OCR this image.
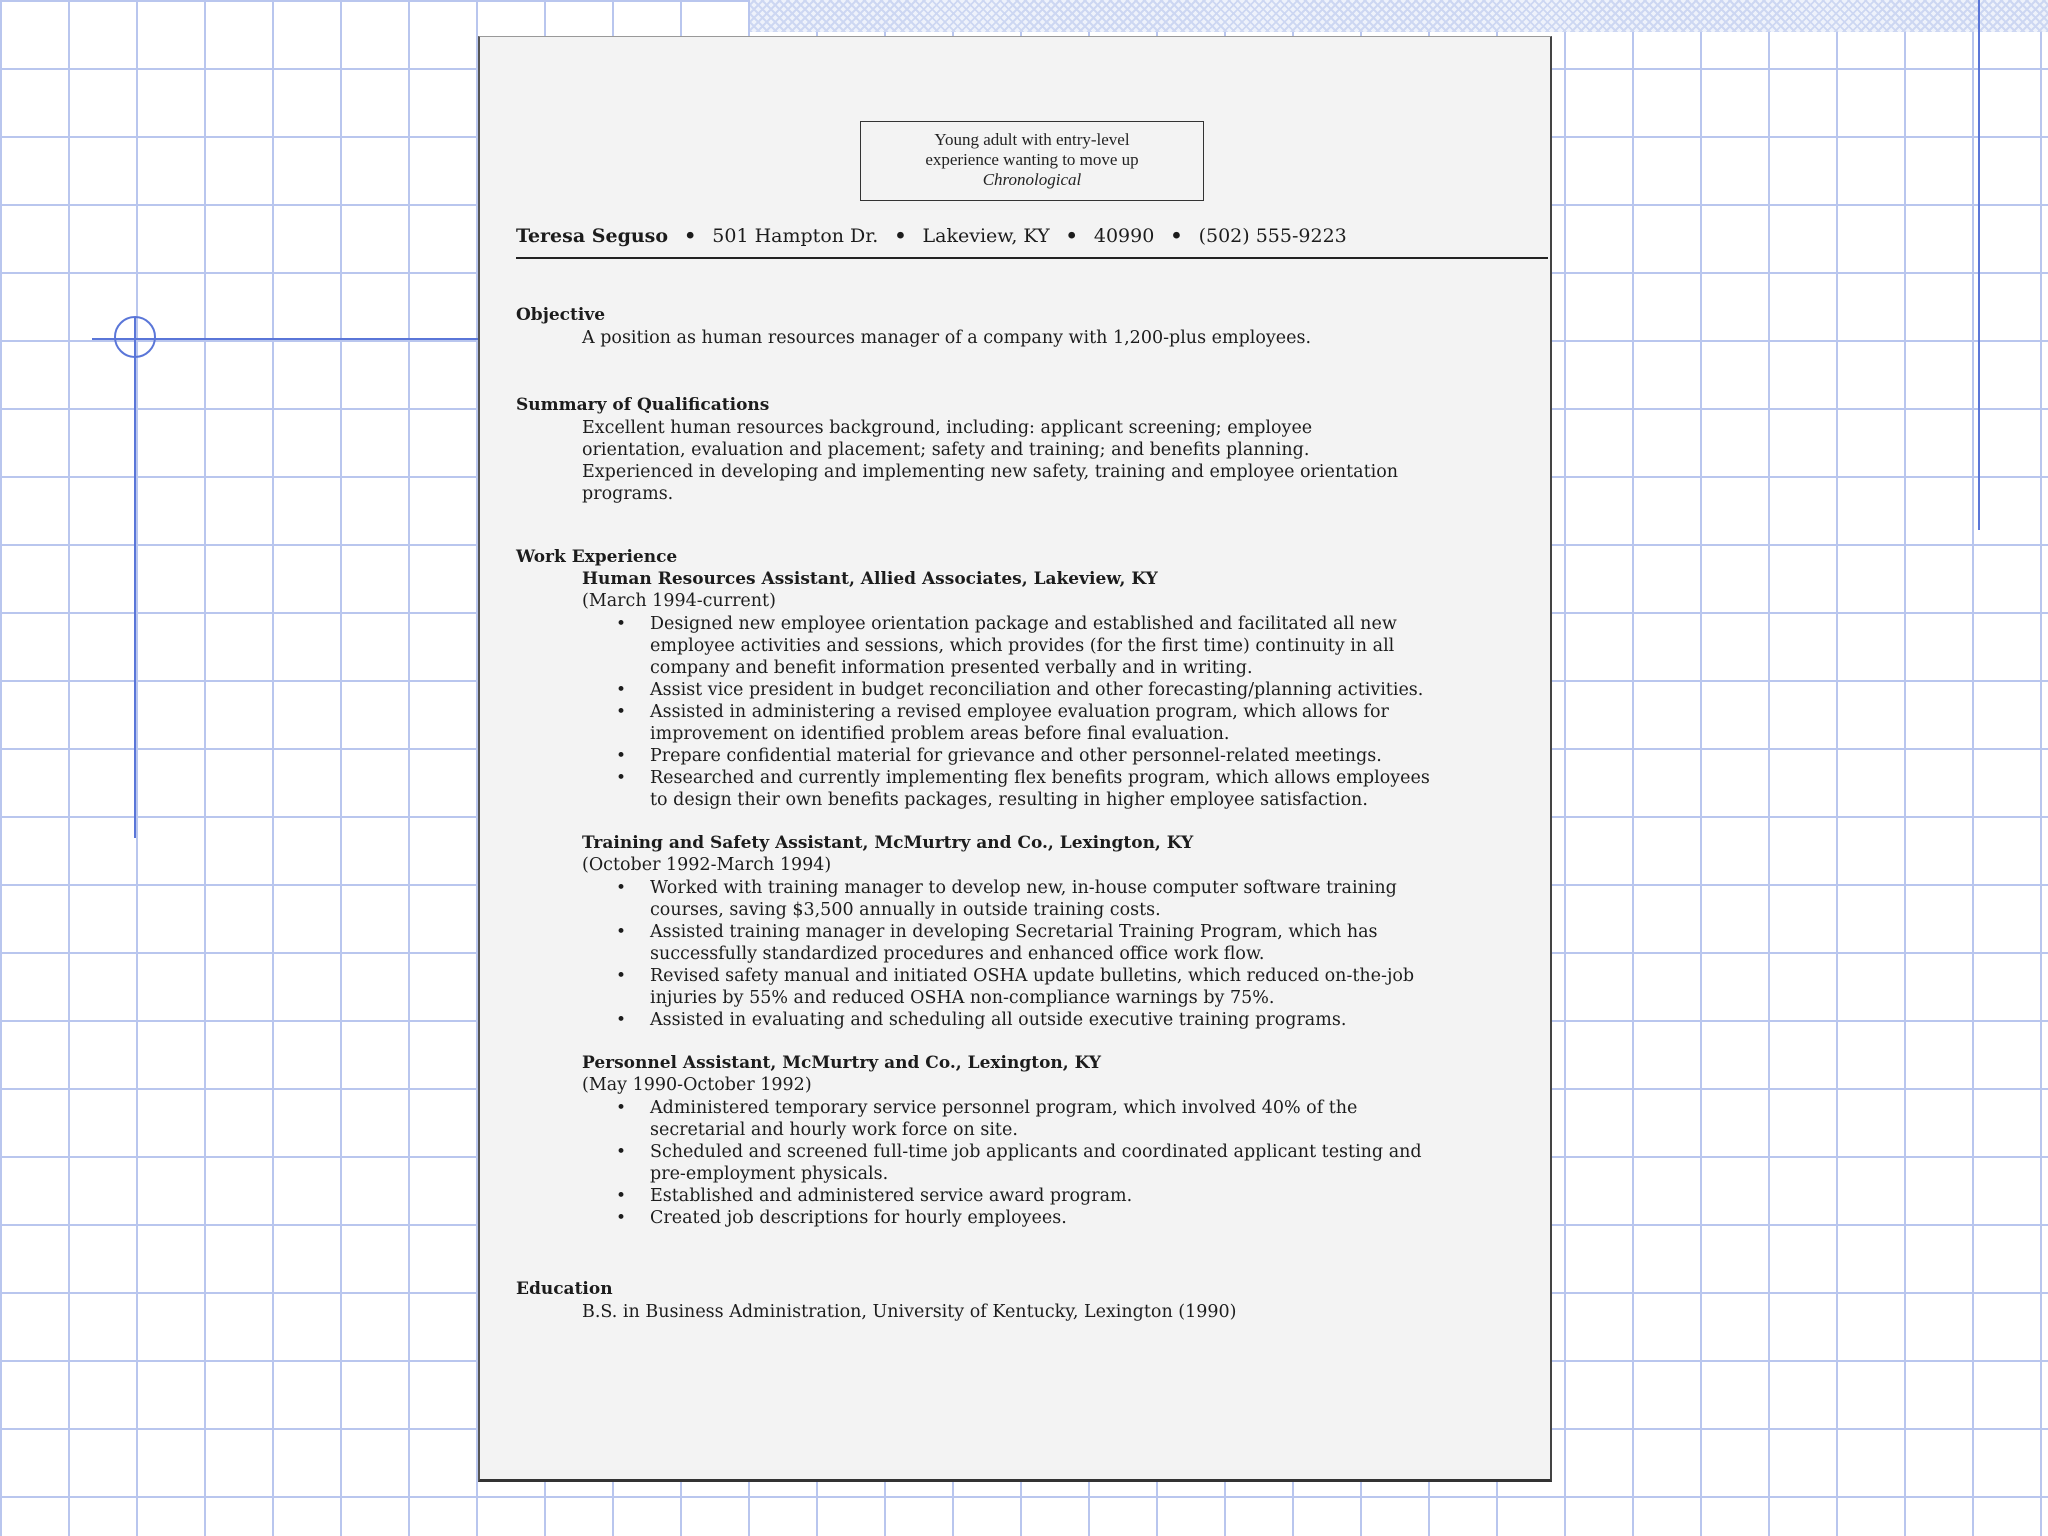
Young adult with entry-level
experience wanting to move up
Chronological
Teresa Seguso • 501 Hampton Dr. • Lakeview, KY • 40990 • (502) 555-9223
Objective
A position as human resources manager of a company with 1,200-plus employees.
Summary of Qualifications
Excellent human resources background, including: applicant screening; employee
orientation, evaluation and placement; safety and training; and benefits planning.
Experienced in developing and implementing new safety, training and employee orientation
programs.
Work Experience
Human Resources Assistant, Allied Associates, Lakeview, KY
(March 1994-current)
• Designed new employee orientation package and established and facilitated all new
employee activities and sessions, which provides (for the first time) continuity in all
company and benefit information presented verbally and in writing.
• Assist vice president in budget reconciliation and other forecasting/planning activities.
• Assisted in administering a revised employee evaluation program, which allows for
improvement on identified problem areas before final evaluation.
• Prepare confidential material for grievance and other personnel-related meetings.
• Researched and currently implementing flex benefits program, which allows employees
to design their own benefits packages, resulting in higher employee satisfaction.
Training and Safety Assistant, McMurtry and Co., Lexington, KY
(October 1992-March 1994)
• Worked with training manager to develop new, in-house computer software training
courses, saving $3,500 annually in outside training costs.
• Assisted training manager in developing Secretarial Training Program, which has
successfully standardized procedures and enhanced office work flow.
• Revised safety manual and initiated OSHA update bulletins, which reduced on-the-job
injuries by 55% and reduced OSHA non-compliance warnings by 75%.
• Assisted in evaluating and scheduling all outside executive training programs.
Personnel Assistant, McMurtry and Co., Lexington, KY
(May 1990-October 1992)
• Administered temporary service personnel program, which involved 40% of the
secretarial and hourly work force on site.
• Scheduled and screened full-time job applicants and coordinated applicant testing and
pre-employment physicals.
• Established and administered service award program.
• Created job descriptions for hourly employees.
Education
B.S. in Business Administration, University of Kentucky, Lexington (1990)
